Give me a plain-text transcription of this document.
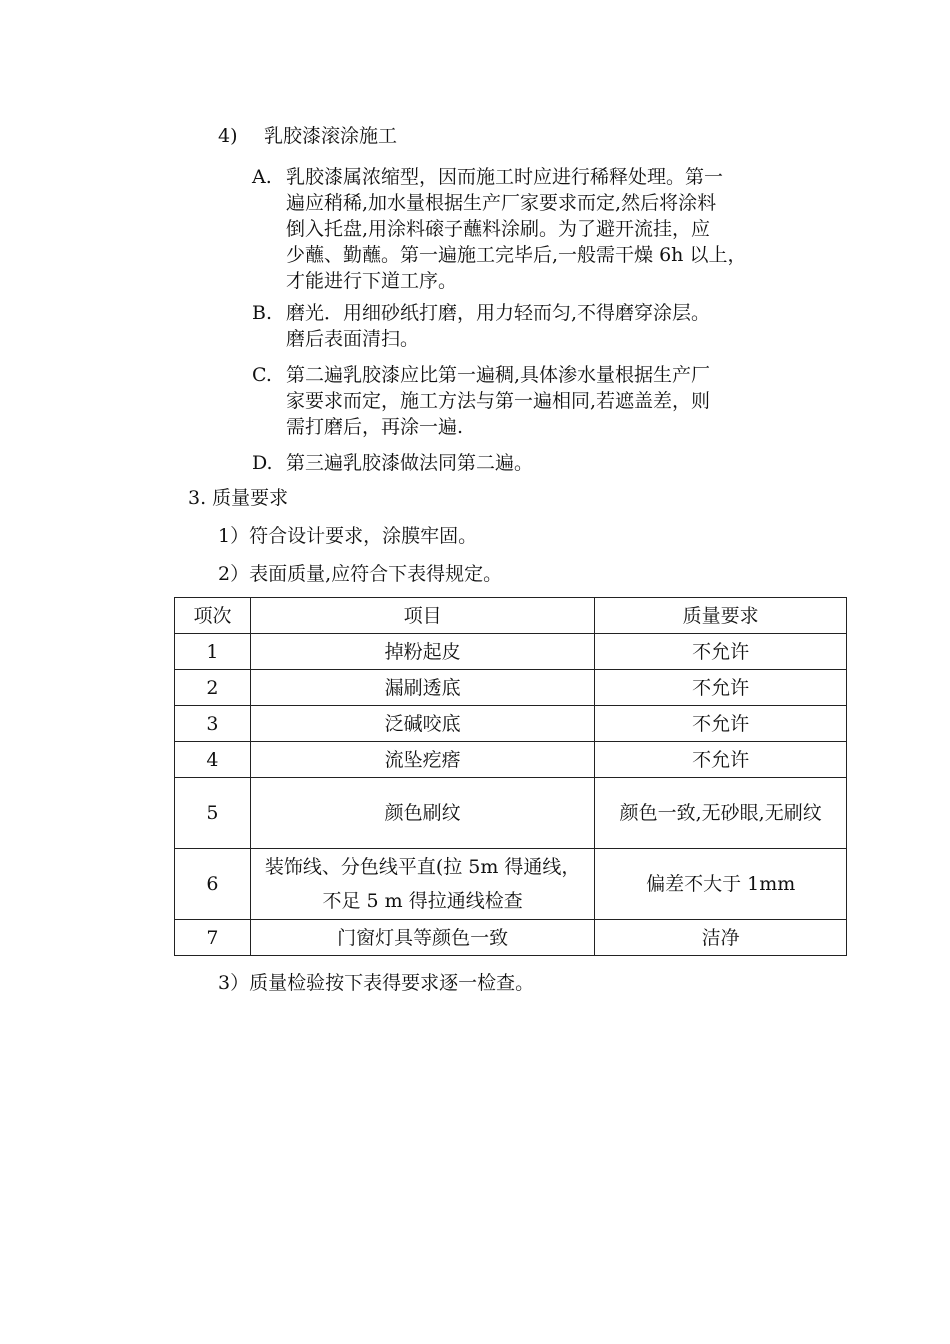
4) 乳胶漆滚涂施工
A. 乳胶漆属浓缩型，因而施工时应进行稀释处理。第一
遍应稍稀,加水量根据生产厂家要求而定,然后将涂料
倒入托盘,用涂料磙子蘸料涂刷。为了避开流挂，应
少蘸、勤蘸。第一遍施工完毕后,一般需干燥 6h 以上，
才能进行下道工序。
B. 磨光．用细砂纸打磨，用力轻而匀,不得磨穿涂层。
磨后表面清扫。
C. 第二遍乳胶漆应比第一遍稠,具体渗水量根据生产厂
家要求而定，施工方法与第一遍相同,若遮盖差，则
需打磨后，再涂一遍.
D. 第三遍乳胶漆做法同第二遍。
3. 质量要求
1）符合设计要求，涂膜牢固。
2）表面质量,应符合下表得规定。
项次	项目	质量要求
1	掉粉起皮	不允许
2	漏刷透底	不允许
3	泛碱咬底	不允许
4	流坠疙瘩	不允许
5	颜色刷纹	颜色一致,无砂眼,无刷纹

6	装饰线、分色线平直(拉 5m 得通线，不足 5 m 得拉通线检查	偏差不大于 1mm
7	门窗灯具等颜色一致	洁净
3）质量检验按下表得要求逐一检查。
